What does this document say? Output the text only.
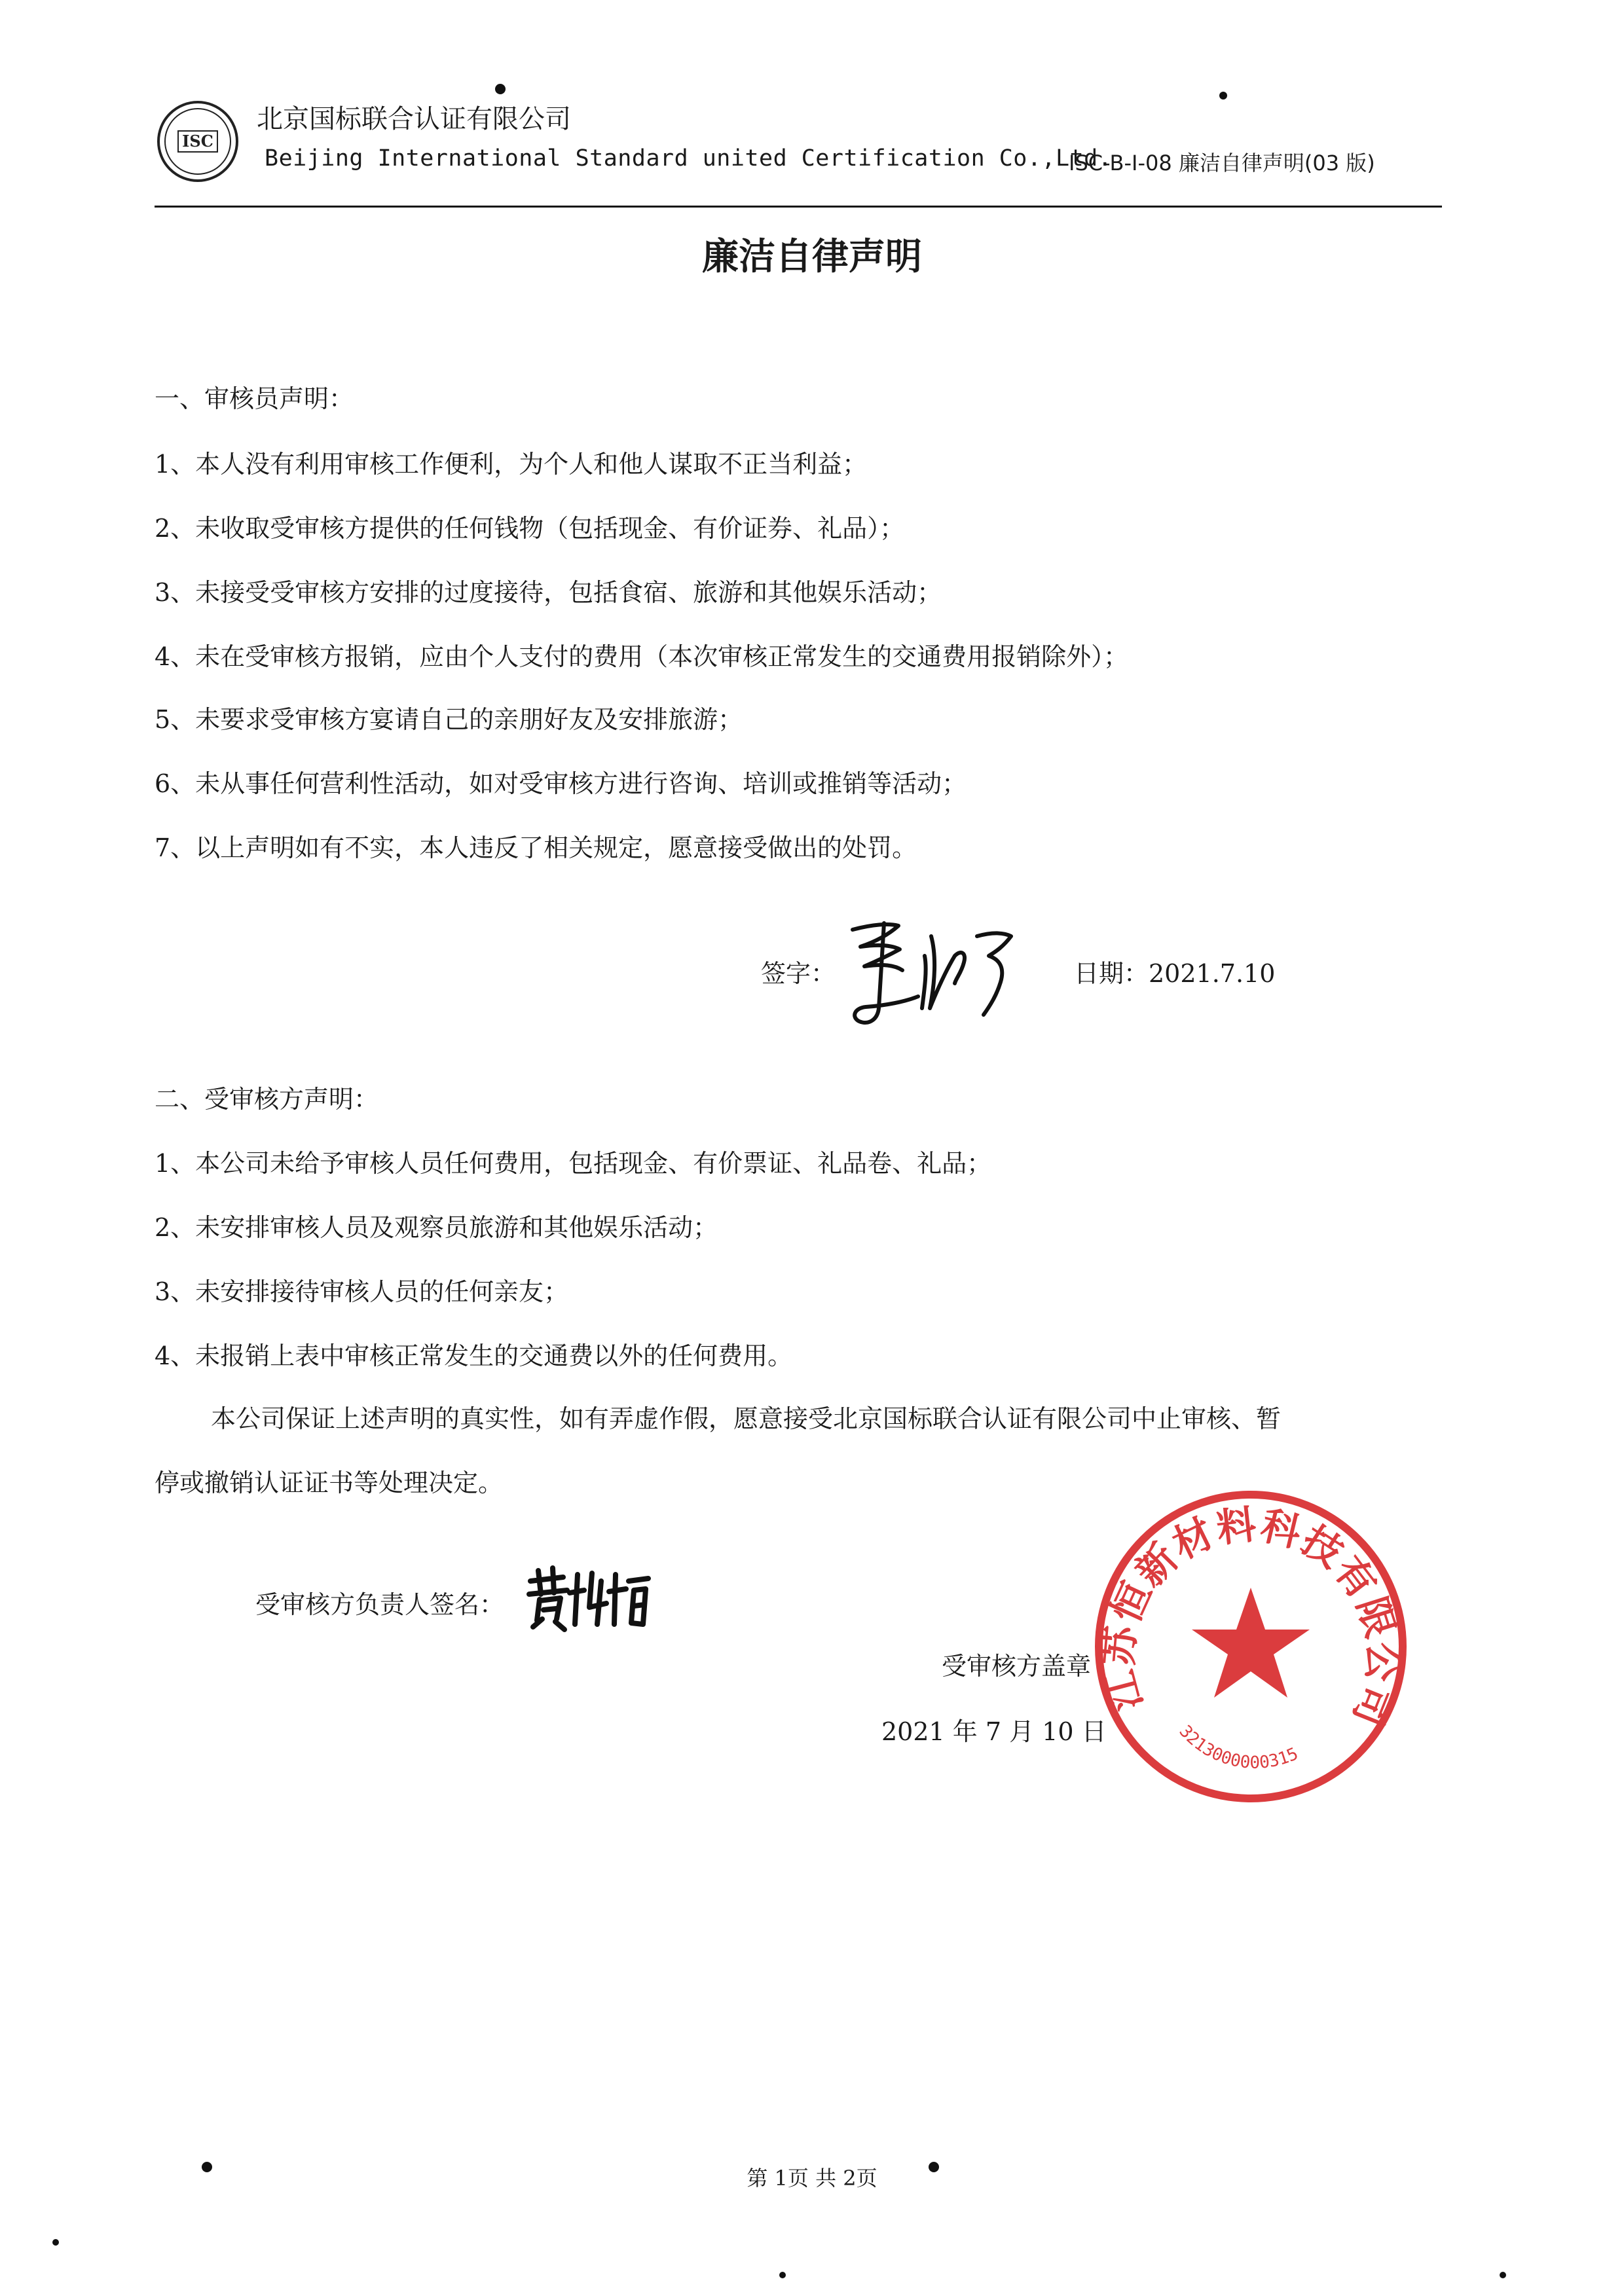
ISC
北京国标联合认证有限公司
Beijing International Standard united Certification Co.,Ltd.
ISC-B-I-08 廉洁自律声明(03 版)
廉洁自律声明
一、审核员声明：
1、本人没有利用审核工作便利，为个人和他人谋取不正当利益；
2、未收取受审核方提供的任何钱物（包括现金、有价证券、礼品）；
3、未接受受审核方安排的过度接待，包括食宿、旅游和其他娱乐活动；
4、未在受审核方报销，应由个人支付的费用（本次审核正常发生的交通费用报销除外）；
5、未要求受审核方宴请自己的亲朋好友及安排旅游；
6、未从事任何营利性活动，如对受审核方进行咨询、培训或推销等活动；
7、以上声明如有不实，本人违反了相关规定，愿意接受做出的处罚。
签字：	日期：2021.7.10
二、受审核方声明：
1、本公司未给予审核人员任何费用，包括现金、有价票证、礼品卷、礼品；
2、未安排审核人员及观察员旅游和其他娱乐活动；
3、未安排接待审核人员的任何亲友；
4、未报销上表中审核正常发生的交通费以外的任何费用。
本公司保证上述声明的真实性，如有弄虚作假，愿意接受北京国标联合认证有限公司中止审核、暂
停或撤销认证证书等处理决定。
受审核方负责人签名：
受审核方盖章
2021 年 7 月 10 日
江苏恒新材料科技有限公司
3213000000315
第 1页 共 2页
